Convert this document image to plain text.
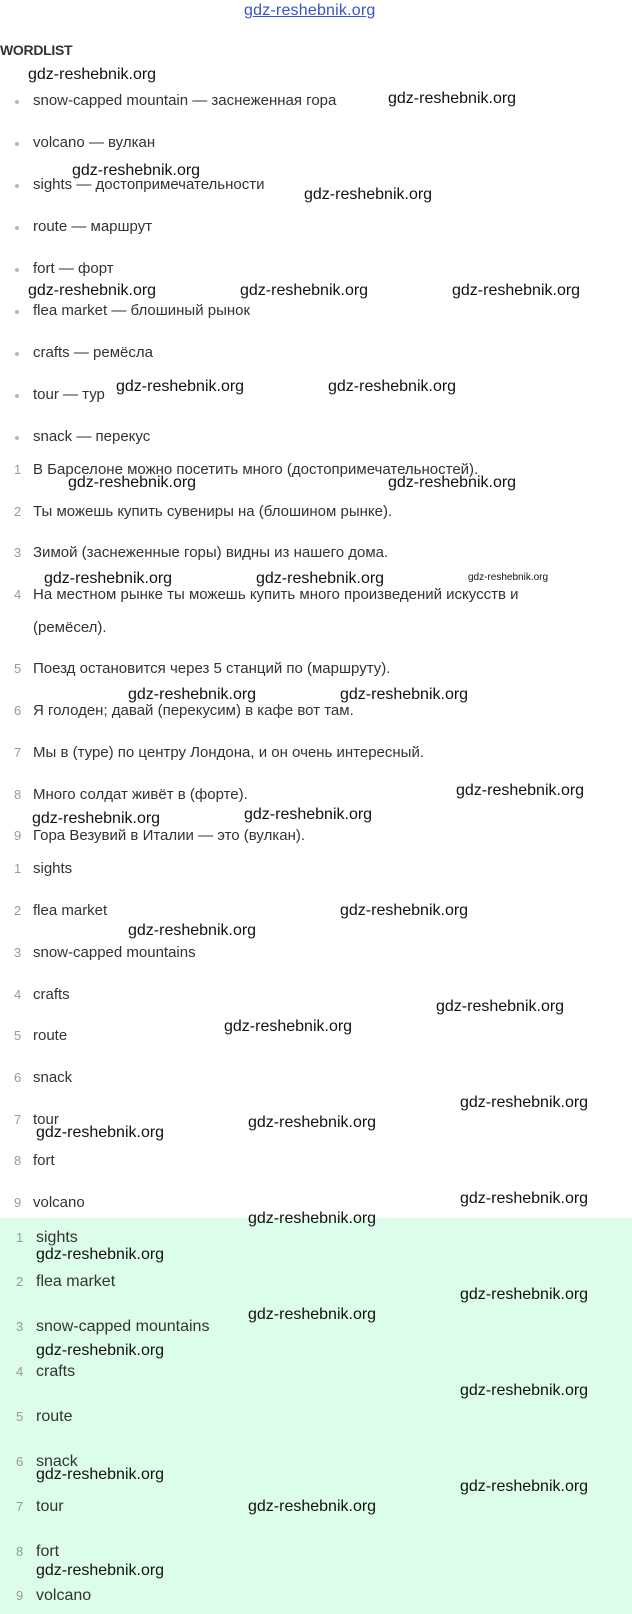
gdz-reshebnik.org
WORDLIST
snow-capped mountain — заснеженная гора
volcano — вулкан
sights — достопримечательности
route — маршрут
fort — форт
flea market — блошиный рынок
crafts — ремёсла
tour — тур
snack — перекус
1 В Барселоне можно посетить много (достопримечательностей).
2 Ты можешь купить сувениры на (блошином рынке).
3 Зимой (заснеженные горы) видны из нашего дома.
4 На местном рынке ты можешь купить много произведений искусств и
(ремёсел).
5 Поезд остановится через 5 станций по (маршруту).
6 Я голоден; давай (перекусим) в кафе вот там.
7 Мы в (туре) по центру Лондона, и он очень интересный.
8 Много солдат живёт в (форте).
9 Гора Везувий в Италии — это (вулкан).
1 sights
2 flea market
3 snow-capped mountains
4 crafts
5 route
6 snack
7 tour
8 fort
9 volcano
1 sights
2 flea market
3 snow-capped mountains
4 crafts
5 route
6 snack
7 tour
8 fort
9 volcano
gdz-reshebnik.org
gdz-reshebnik.org
gdz-reshebnik.org
gdz-reshebnik.org
gdz-reshebnik.org	gdz-reshebnik.org	gdz-reshebnik.org
gdz-reshebnik.org	gdz-reshebnik.org
gdz-reshebnik.org	gdz-reshebnik.org
gdz-reshebnik.org	gdz-reshebnik.org	gdz-reshebnik.org
gdz-reshebnik.org	gdz-reshebnik.org
gdz-reshebnik.org
gdz-reshebnik.org	gdz-reshebnik.org
gdz-reshebnik.org
gdz-reshebnik.org
gdz-reshebnik.org
gdz-reshebnik.org
gdz-reshebnik.org
gdz-reshebnik.org
gdz-reshebnik.org
gdz-reshebnik.org
gdz-reshebnik.org
gdz-reshebnik.org
gdz-reshebnik.org
gdz-reshebnik.org
gdz-reshebnik.org
gdz-reshebnik.org
gdz-reshebnik.org
gdz-reshebnik.org
gdz-reshebnik.org
gdz-reshebnik.org
